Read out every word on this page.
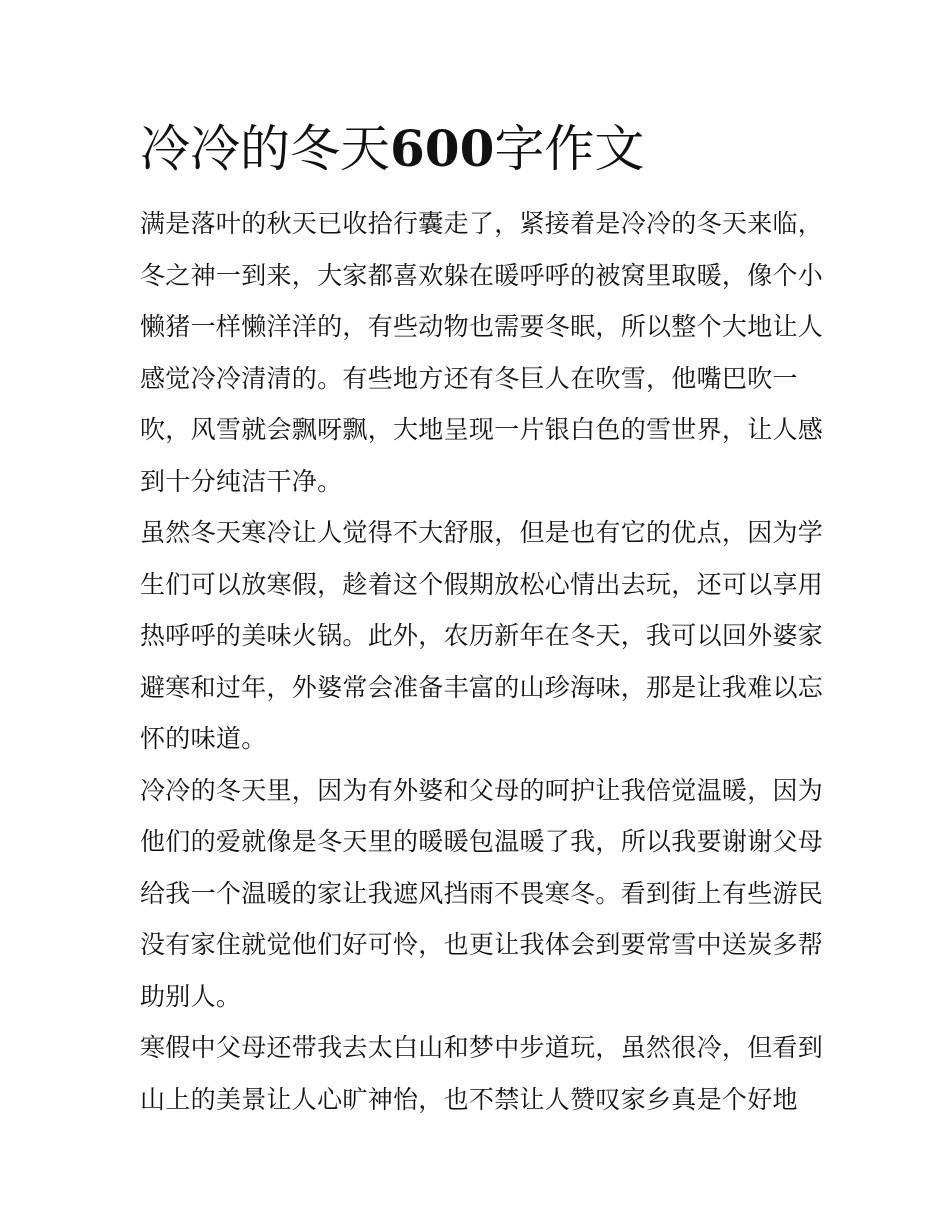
冷冷的冬天600字作文

满是落叶的秋天已收拾行囊走了，紧接着是冷冷的冬天来临，
冬之神一到来，大家都喜欢躲在暖呼呼的被窝里取暖，像个小
懒猪一样懒洋洋的，有些动物也需要冬眠，所以整个大地让人
感觉冷冷清清的。有些地方还有冬巨人在吹雪，他嘴巴吹一
吹，风雪就会飘呀飘，大地呈现一片银白色的雪世界，让人感
到十分纯洁干净。

虽然冬天寒冷让人觉得不大舒服，但是也有它的优点，因为学
生们可以放寒假，趁着这个假期放松心情出去玩，还可以享用
热呼呼的美味火锅。此外，农历新年在冬天，我可以回外婆家
避寒和过年，外婆常会准备丰富的山珍海味，那是让我难以忘
怀的味道。

冷冷的冬天里，因为有外婆和父母的呵护让我倍觉温暖，因为
他们的爱就像是冬天里的暖暖包温暖了我，所以我要谢谢父母
给我一个温暖的家让我遮风挡雨不畏寒冬。看到街上有些游民
没有家住就觉他们好可怜，也更让我体会到要常雪中送炭多帮
助别人。

寒假中父母还带我去太白山和梦中步道玩，虽然很冷，但看到
山上的美景让人心旷神怡，也不禁让人赞叹家乡真是个好地
